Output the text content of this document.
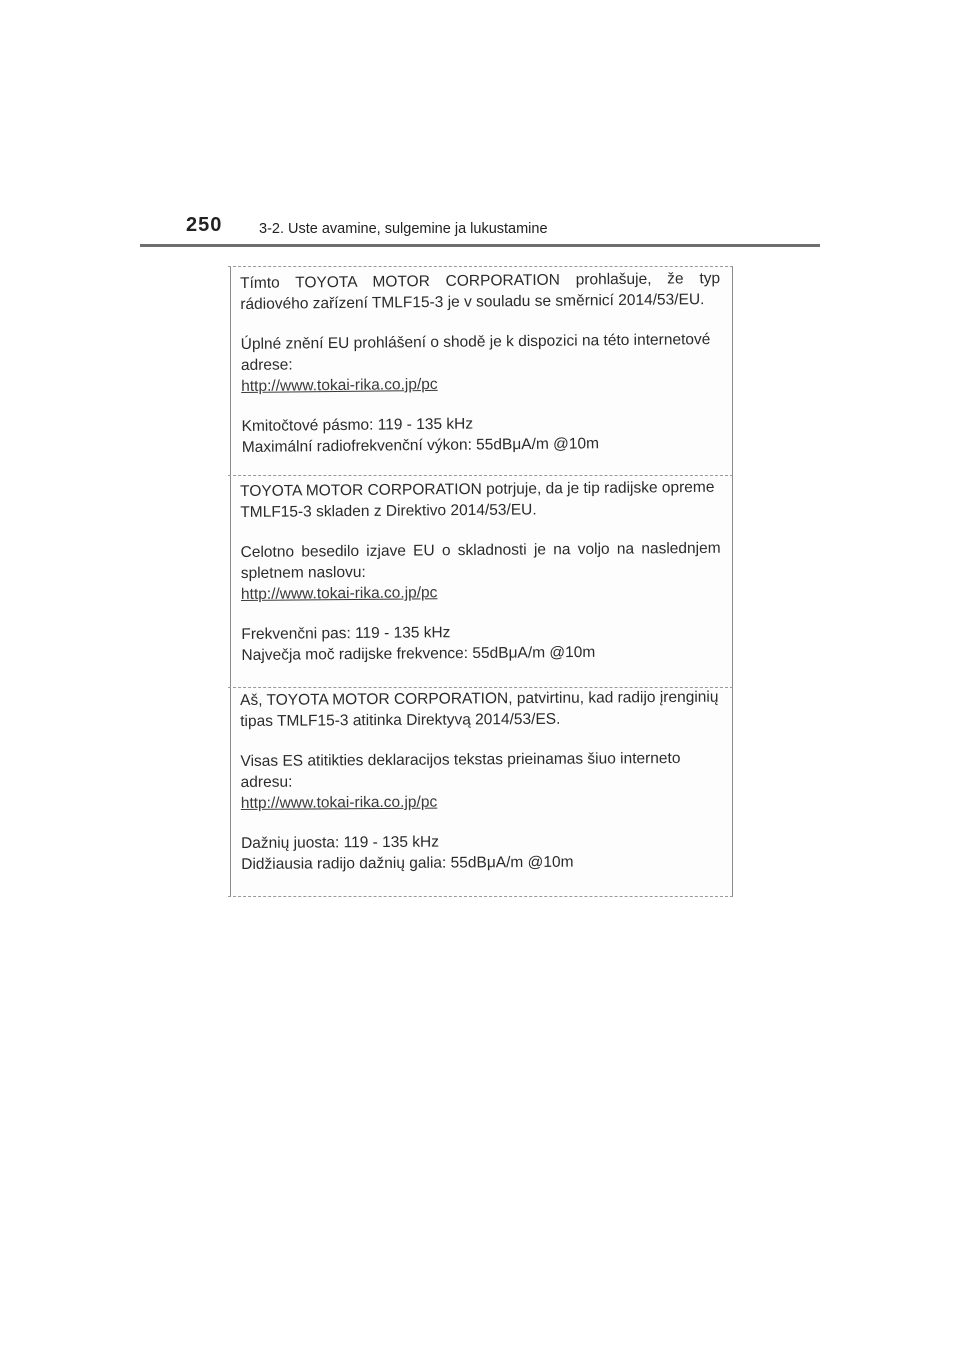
250	3-2. Uste avamine, sulgemine ja lukustamine

Tímto TOYOTA MOTOR CORPORATION prohlašuje, že typ

rádiového zařízení TMLF15-3 je v souladu se směrnicí 2014/53/EU.

Úplné znění EU prohlášení o shodě je k dispozici na této internetové

adrese:

http://www.tokai-rika.co.jp/pc

Kmitočtové pásmo: 119 - 135 kHz

Maximální radiofrekvenční výkon: 55dBμA/m @10m

TOYOTA MOTOR CORPORATION potrjuje, da je tip radijske opreme

TMLF15-3 skladen z Direktivo 2014/53/EU.

Celotno besedilo izjave EU o skladnosti je na voljo na naslednjem

spletnem naslovu:

http://www.tokai-rika.co.jp/pc

Frekvenčni pas: 119 - 135 kHz

Največja moč radijske frekvence: 55dBμA/m @10m

Aš, TOYOTA MOTOR CORPORATION, patvirtinu, kad radijo įrenginių

tipas TMLF15-3 atitinka Direktyvą 2014/53/ES.

Visas ES atitikties deklaracijos tekstas prieinamas šiuo interneto

adresu:

http://www.tokai-rika.co.jp/pc

Dažnių juosta: 119 - 135 kHz

Didžiausia radijo dažnių galia: 55dBμA/m @10m
